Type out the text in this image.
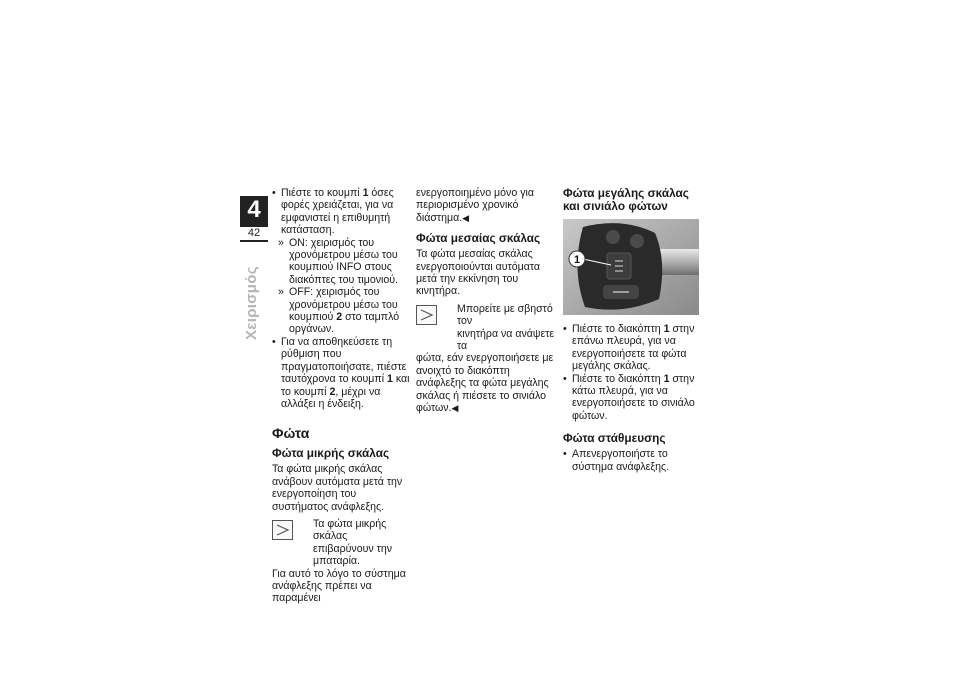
4
42
Χειρισμός
• Πιέστε το κουμπί 1 όσες φορές χρειάζεται, για να εμφανιστεί η επιθυμητή κατάσταση.
» ON: χειρισμός του χρονόμετρου μέσω του κουμπιού INFO στους διακόπτες του τιμονιού.
» OFF: χειρισμός του χρονόμετρου μέσω του κουμπιού 2 στο ταμπλό οργάνων.
• Για να αποθηκεύσετε τη ρύθμιση που πραγματοποιήσατε, πιέστε ταυτόχρονα το κουμπί 1 και το κουμπί 2, μέχρι να αλλάξει η ένδειξη.
Φώτα
Φώτα μικρής σκάλας

Τα φώτα μικρής σκάλας ανάβουν αυτόματα μετά την ενεργοποίηση του συστήματος ανάφλεξης.

Τα φώτα μικρής σκάλας
επιβαρύνουν την μπαταρία.
Για αυτό το λόγο το σύστημα
ανάφλεξης πρέπει να παραμένει

ενεργοποιημένο μόνο για περιορισμένο χρονικό διάστημα.◀

Φώτα μεσαίας σκάλας

Τα φώτα μεσαίας σκάλας ενεργοποιούνται αυτόματα μετά την εκκίνηση του κινητήρα.

Μπορείτε με σβηστό τον
κινητήρα να ανάψετε τα
φώτα, εάν ενεργοποιήσετε με ανοιχτό το διακόπτη ανάφλεξης τα φώτα μεγάλης σκάλας ή πιέσετε το σινιάλο φώτων.◀
Φώτα μεγάλης σκάλας και σινιάλο φώτων
1
• Πιέστε το διακόπτη 1 στην επάνω πλευρά, για να ενεργοποιήσετε τα φώτα μεγάλης σκάλας.
• Πιέστε το διακόπτη 1 στην κάτω πλευρά, για να ενεργοποιήσετε το σινιάλο φώτων.
Φώτα στάθμευσης
• Απενεργοποιήστε το σύστημα ανάφλεξης.
